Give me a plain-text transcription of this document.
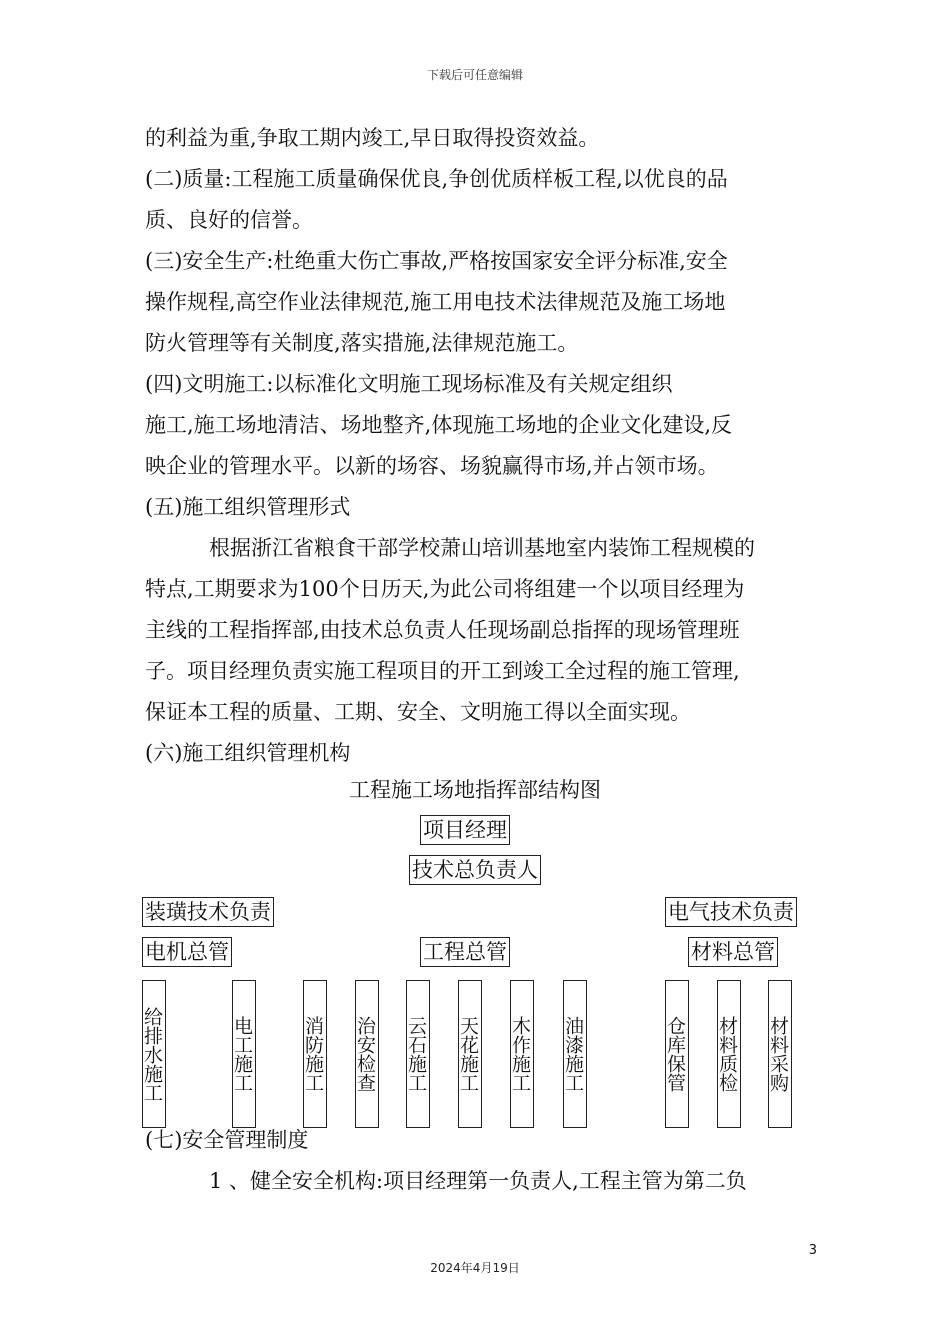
下载后可任意编辑

的利益为重,争取工期内竣工,早日取得投资效益。

(二)质量:工程施工质量确保优良,争创优质样板工程,以优良的品

质、良好的信誉。

(三)安全生产:杜绝重大伤亡事故,严格按国家安全评分标准,安全

操作规程,高空作业法律规范,施工用电技术法律规范及施工场地

防火管理等有关制度,落实措施,法律规范施工。

(四)文明施工:以标准化文明施工现场标准及有关规定组织

施工,施工场地清洁、场地整齐,体现施工场地的企业文化建设,反

映企业的管理水平。以新的场容、场貌赢得市场,并占领市场。

(五)施工组织管理形式

根据浙江省粮食干部学校萧山培训基地室内装饰工程规模的

特点,工期要求为100个日历天,为此公司将组建一个以项目经理为

主线的工程指挥部,由技术总负责人任现场副总指挥的现场管理班

子。项目经理负责实施工程项目的开工到竣工全过程的施工管理,

保证本工程的质量、工期、安全、文明施工得以全面实现。

(六)施工组织管理机构

工程施工场地指挥部结构图
项目经理
技术总负责人
装璜技术负责	电气技术负责
电机总管	工程总管	材料总管
给排水施工	电工施工	消防施工 治安检查 云石施工 天花施工 木作施工 油漆施工	仓库保管 材料质检 材料采购
(七)安全管理制度
1 、健全安全机构:项目经理第一负责人,工程主管为第二负
3
2024年4月19日
